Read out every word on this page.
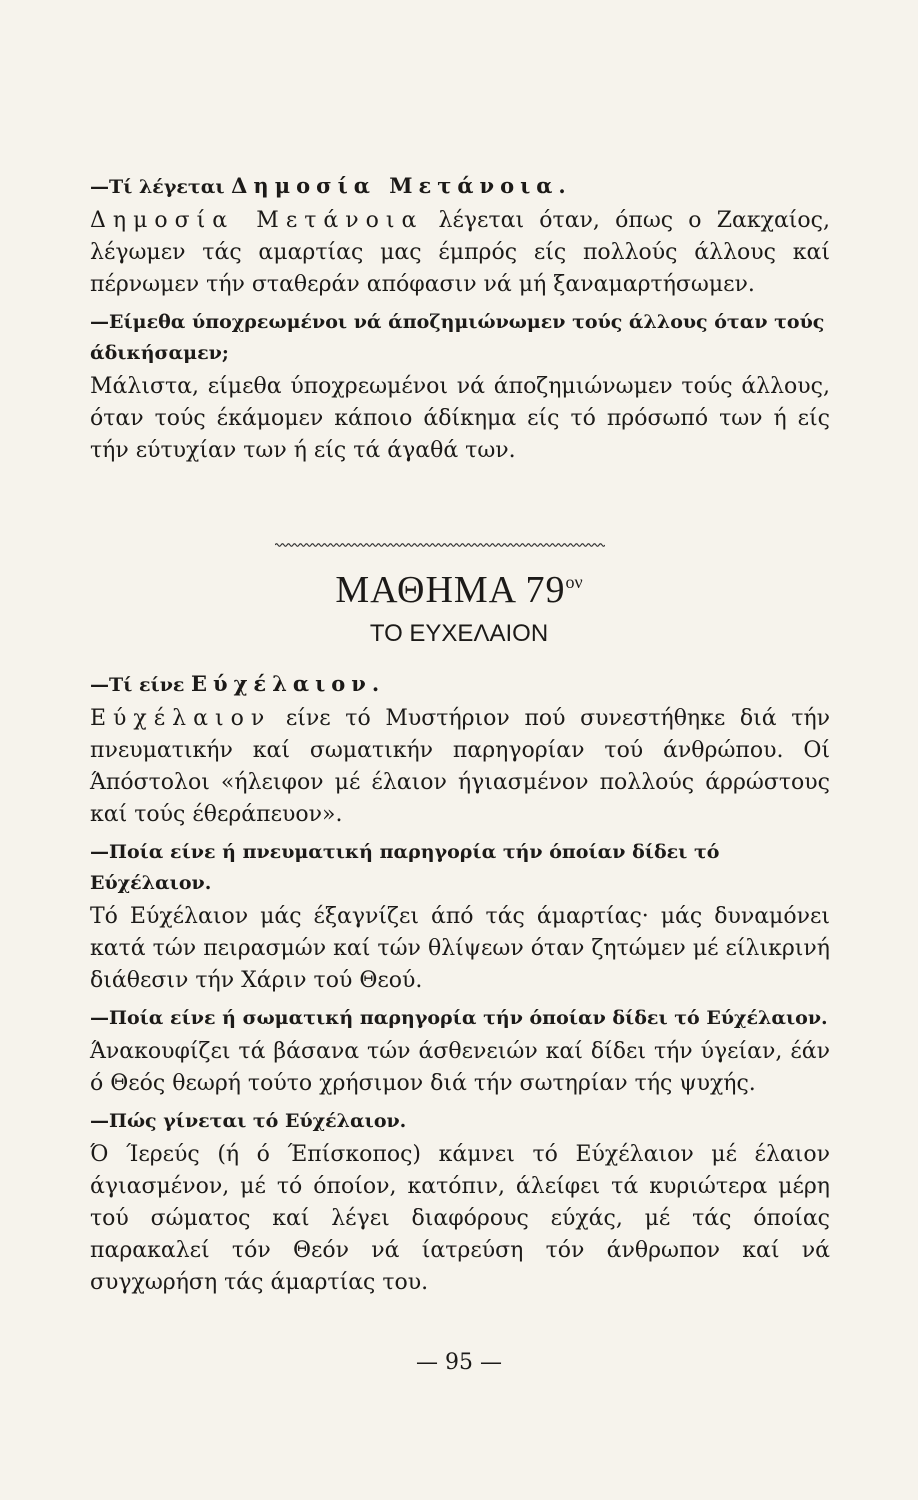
—Τί λέγεται Δημοσία Μετάνοια.

Δημοσία Μετάνοια λέγεται όταν, όπως ο Ζακχαίος, λέγωμεν τάς αμαρτίας μας έμπρός είς πολλούς άλλους καί πέρνωμεν τήν σταθεράν απόφασιν νά μή ξαναμαρτήσωμεν.

—Είμεθα ύποχρεωμένοι νά άποζημιώνωμεν τούς άλλους όταν τούς άδικήσαμεν;

Μάλιστα, είμεθα ύποχρεωμένοι νά άποζημιώνωμεν τούς άλλους, όταν τούς έκάμομεν κάποιο άδίκημα είς τό πρόσωπό των ή είς τήν εύτυχίαν των ή είς τά άγαθά των.

ΜΑΘΗΜΑ $79^{o\nu}$
ΤΟ ΕΥΧΕΛΑΙΟΝ

—Τί είνε Εύχέλαιον.

Εύχέλαιον είνε τό Μυστήριον πού συνεστήθηκε διά τήν πνευματικήν καί σωματικήν παρηγορίαν τού άνθρώπου. Οί Άπόστολοι «ήλειφον μέ έλαιον ήγιασμένον πολλούς άρρώστους καί τούς έθεράπευον».

—Ποία είνε ή πνευματική παρηγορία τήν όποίαν δίδει τό Εύχέλαιον.

Τό Εύχέλαιον μάς έξαγνίζει άπό τάς άμαρτίας· μάς δυναμόνει κατά τών πειρασμών καί τών θλίψεων όταν ζητώμεν μέ είλικρινή διάθεσιν τήν Χάριν τού Θεού.

—Ποία είνε ή σωματική παρηγορία τήν όποίαν δίδει τό Εύχέλαιον.

Άνακουφίζει τά βάσανα τών άσθενειών καί δίδει τήν ύγείαν, έάν ό Θεός θεωρή τούτο χρήσιμον διά τήν σωτηρίαν τής ψυχής.

—Πώς γίνεται τό Εύχέλαιον.

Ό Ίερεύς (ή ό Έπίσκοπος) κάμνει τό Εύχέλαιον μέ έλαιον άγιασμένον, μέ τό όποίον, κατόπιν, άλείφει τά κυριώτερα μέρη τού σώματος καί λέγει διαφόρους εύχάς, μέ τάς όποίας παρακαλεί τόν Θεόν νά ίατρεύση τόν άνθρωπον καί νά συγχωρήση τάς άμαρτίας του.

— 95 —
